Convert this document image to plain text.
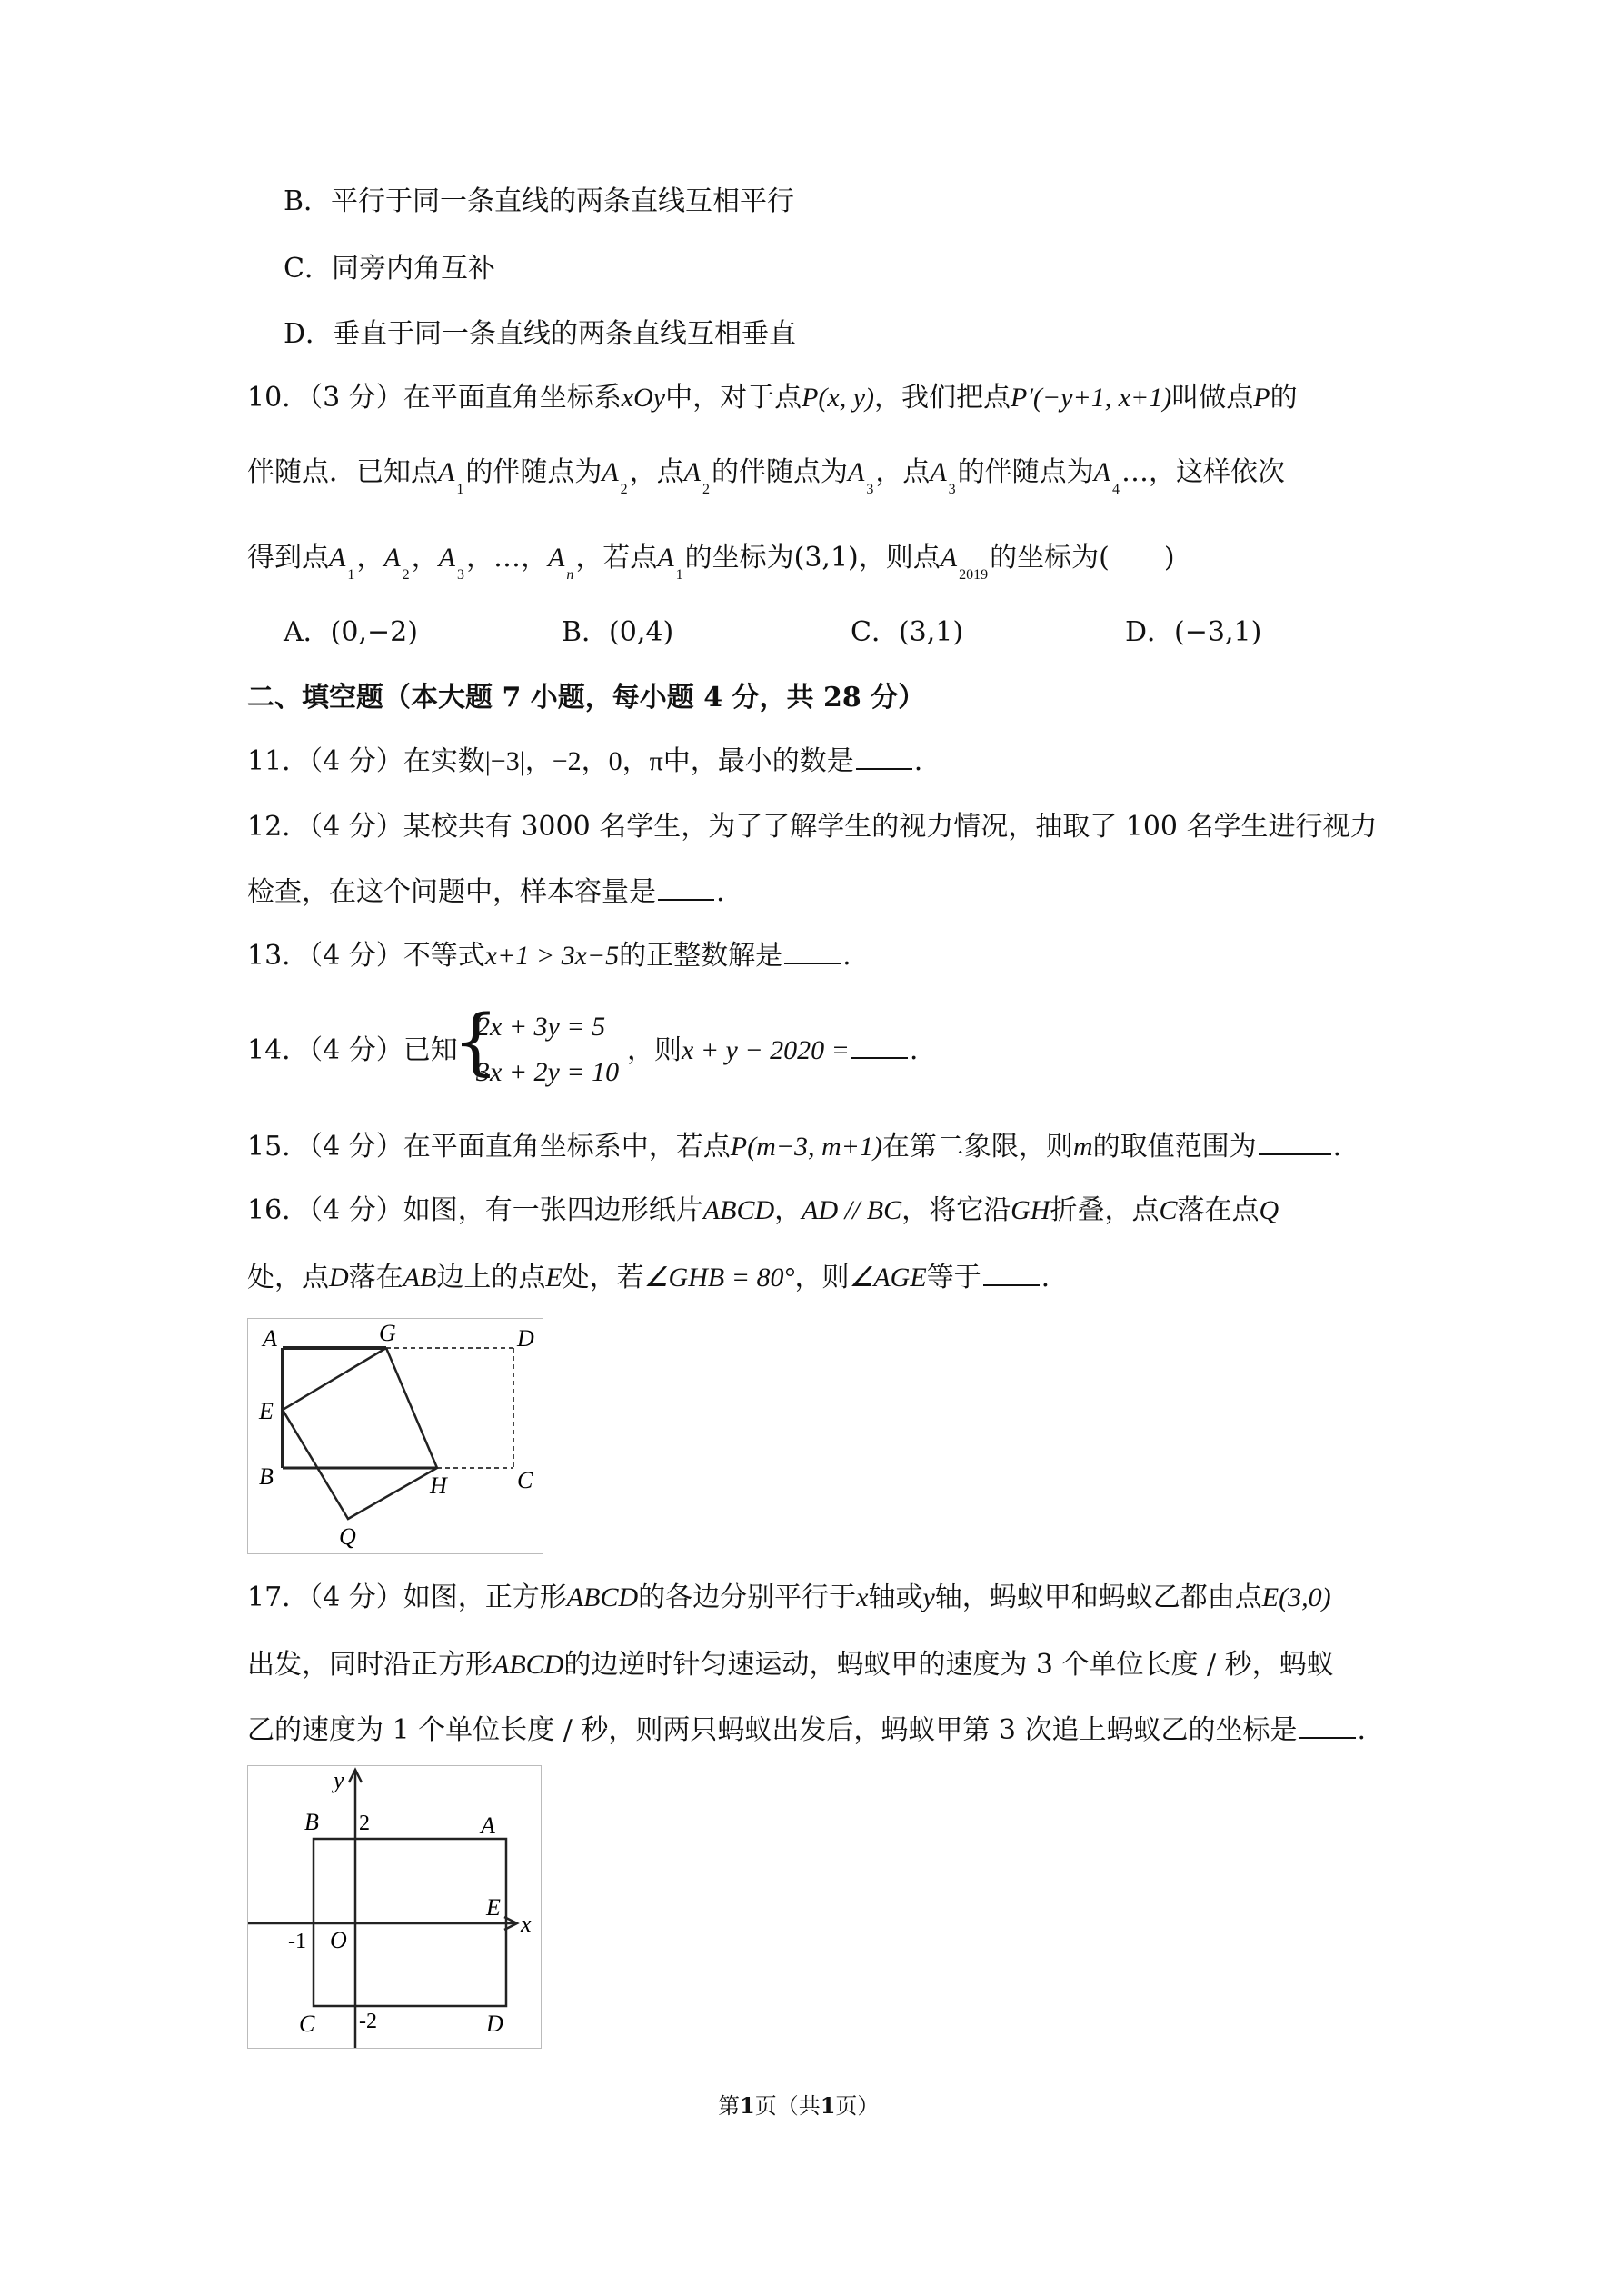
B．平行于同一条直线的两条直线互相平行
C．同旁内角互补
D．垂直于同一条直线的两条直线互相垂直
10．（3 分）在平面直角坐标系xOy中，对于点P(x, y)，我们把点P′(−y+1, x+1)叫做点P的
伴随点．已知点$A_1$的伴随点为$A_2$，点$A_2$的伴随点为$A_3$，点$A_3$的伴随点为$A_4\dots$，这样依次
得到点$A_1$，$A_2$，$A_3$，…，$A_n$，若点$A_1$的坐标为(3,1)，则点$A_{2019}$的坐标为( )
A．(0,−2)	B．(0,4)	C．(3,1)	D．(−3,1)
二、填空题（本大题 7 小题，每小题 4 分，共 28 分）
11．（4 分）在实数|−3|，−2，0，π中，最小的数是 .
12．（4 分）某校共有 3000 名学生，为了了解学生的视力情况，抽取了 100 名学生进行视力
检查，在这个问题中，样本容量是 .
13．（4 分）不等式x+1 > 3x−5的正整数解是 .
14．（4 分）已知
{
2x + 3y = 5
3x + 2y = 10
，则x + y − 2020 = .
15．（4 分）在平面直角坐标系中，若点P(m−3, m+1)在第二象限，则m的取值范围为	.
16．（4 分）如图，有一张四边形纸片ABCD，AD // BC，将它沿GH折叠，点C落在点Q
处，点D落在AB边上的点E处，若∠GHB = 80°，则∠AGE等于 .
A	G	D
E
B	H	C
Q
17．（4 分）如图，正方形ABCD的各边分别平行于x轴或y轴，蚂蚁甲和蚂蚁乙都由点E(3,0)
出发，同时沿正方形ABCD的边逆时针匀速运动，蚂蚁甲的速度为 3 个单位长度 / 秒，蚂蚁
乙的速度为 1 个单位长度 / 秒，则两只蚂蚁出发后，蚂蚁甲第 3 次追上蚂蚁乙的坐标是 .
y
x
2
-1
-2
O
A
B
C	D
E
第1页（共1页）
